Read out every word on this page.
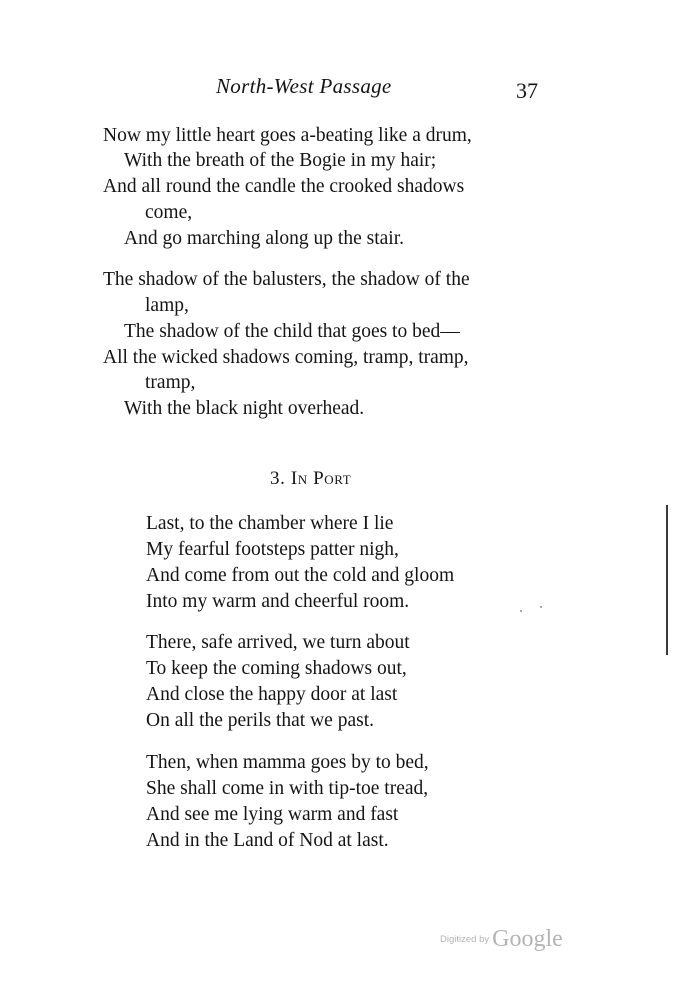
North-West Passage	37
Now my little heart goes a-beating like a drum,
With the breath of the Bogie in my hair;
And all round the candle the crooked shadows
come,
And go marching along up the stair.
The shadow of the balusters, the shadow of the
lamp,
The shadow of the child that goes to bed—
All the wicked shadows coming, tramp, tramp,
tramp,
With the black night overhead.
3. In Port
Last, to the chamber where I lie
My fearful footsteps patter nigh,
And come from out the cold and gloom
Into my warm and cheerful room.
There, safe arrived, we turn about
To keep the coming shadows out,
And close the happy door at last
On all the perils that we past.
Then, when mamma goes by to bed,
She shall come in with tip-toe tread,
And see me lying warm and fast
And in the Land of Nod at last.
Digitized by Google
